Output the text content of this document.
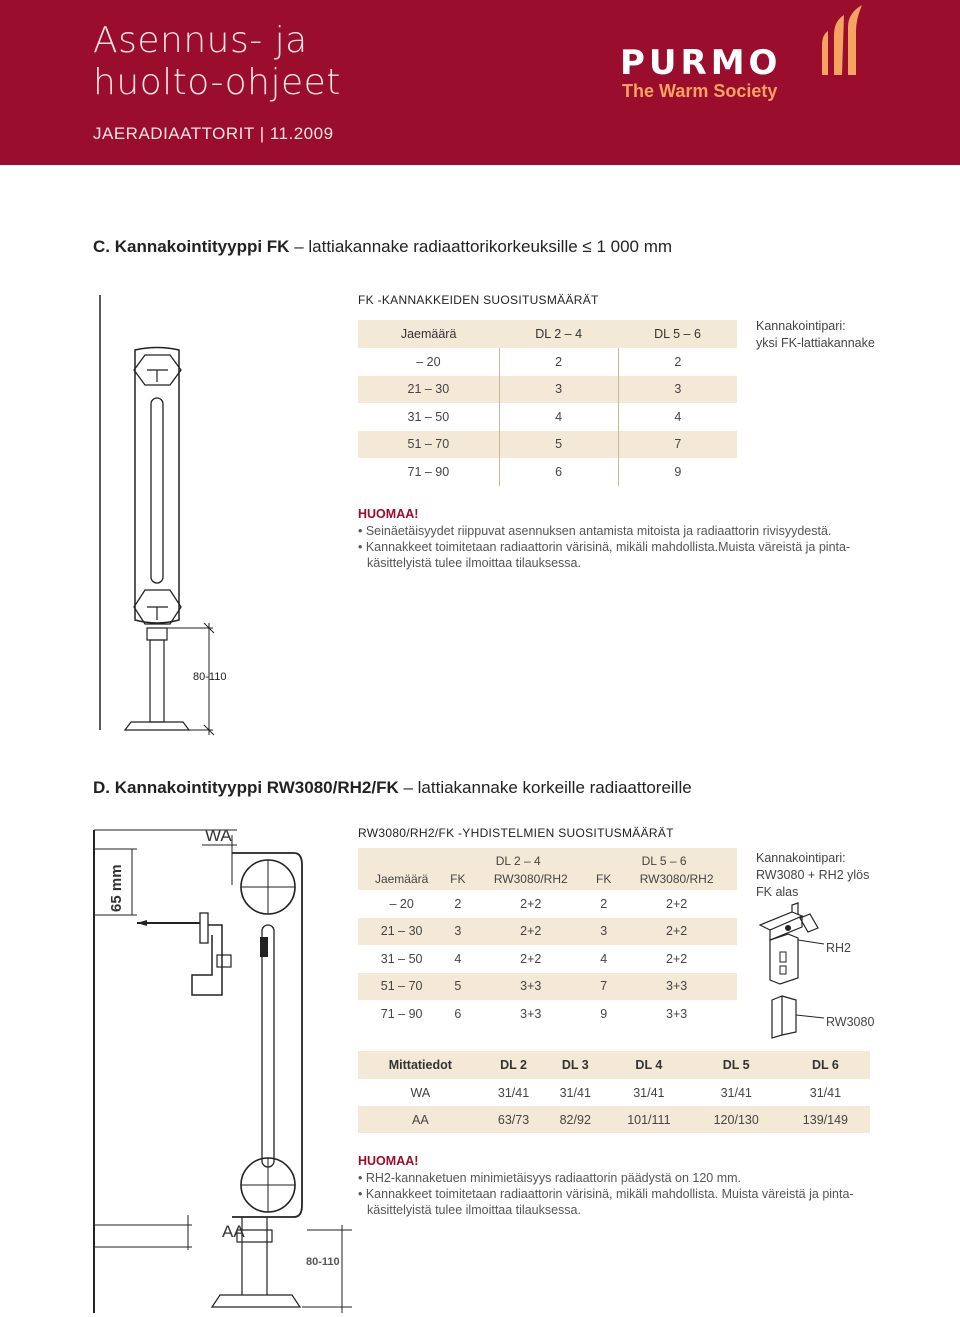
Asennus- ja
huolto-ohjeet
JAERADIAATTORIT | 11.2009
PURMO
The Warm Society
C. Kannakointityyppi FK – lattiakannake radiaattorikorkeuksille ≤ 1 000 mm
80-110
FK -KANNAKKEIDEN SUOSITUSMÄÄRÄT
Jaemäärä	DL 2 – 4	DL 5 – 6
– 20	2	2
21 – 30	3	3
31 – 50	4	4
51 – 70	5	7
71 – 90	6	9
Kannakointipari:
yksi FK-lattiakannake
HUOMAA!
• Seinäetäisyydet riippuvat asennuksen antamista mitoista ja radiaattorin rivisyydestä.
• Kannakkeet toimitetaan radiaattorin värisinä, mikäli mahdollista.Muista väreistä ja pinta-
käsittelyistä tulee ilmoittaa tilauksessa.
D. Kannakointityyppi RW3080/RH2/FK – lattiakannake korkeille radiaattoreille
WA
AA
65 mm
80-110
RW3080/RH2/FK -YHDISTELMIEN SUOSITUSMÄÄRÄT
	DL 2 – 4		DL 5 – 6	
Jaemäärä	FK	RW3080/RH2	FK	RW3080/RH2
– 20	2	2+2	2	2+2
21 – 30	3	2+2	3	2+2
31 – 50	4	2+2	4	2+2
51 – 70	5	3+3	7	3+3
71 – 90	6	3+3	9	3+3
Kannakointipari:
RW3080 + RH2 ylös
FK alas
RH2
RW3080
Mittatiedot	DL 2	DL 3	DL 4	DL 5	DL 6
WA	31/41	31/41	31/41	31/41	31/41
AA	63/73	82/92	101/111	120/130	139/149
HUOMAA!
• RH2-kannaketuen minimietäisyys radiaattorin päädystä on 120 mm.
• Kannakkeet toimitetaan radiaattorin värisinä, mikäli mahdollista. Muista väreistä ja pinta-
käsittelyistä tulee ilmoittaa tilauksessa.
